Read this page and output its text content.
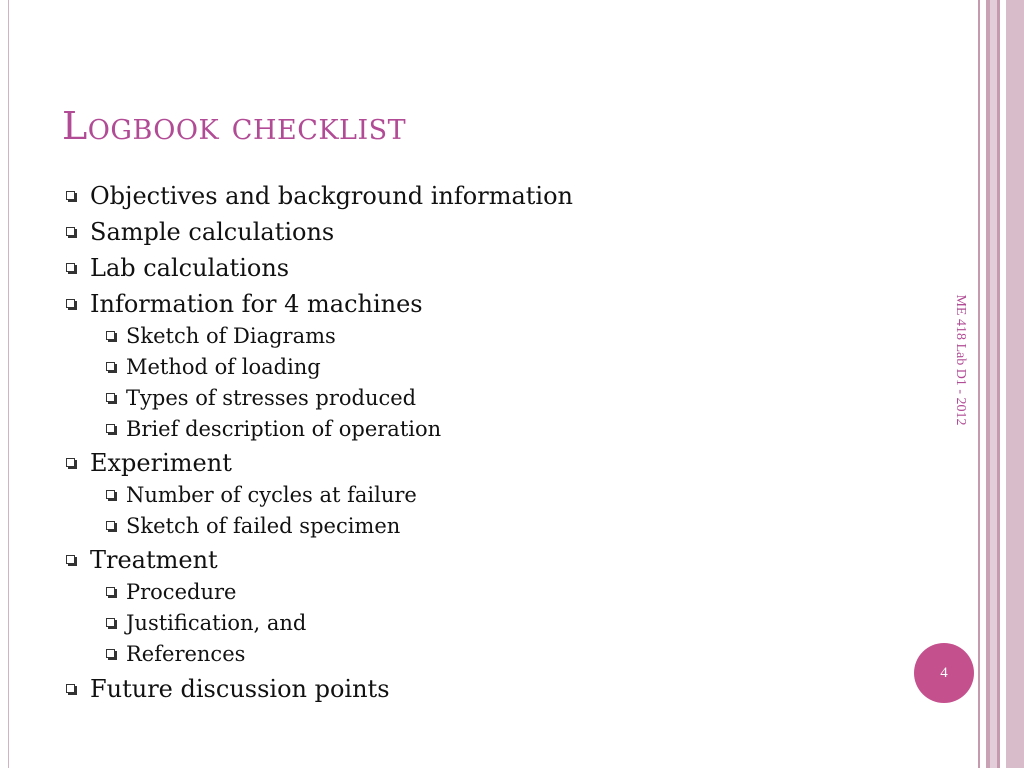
Logbook checklist
Objectives and background information
Sample calculations
Lab calculations
Information for 4 machines
Sketch of Diagrams
Method of loading
Types of stresses produced
Brief description of operation
Experiment
Number of cycles at failure
Sketch of failed specimen
Treatment
Procedure
Justification, and
References
Future discussion points
ME 418 Lab D1 - 2012
4
